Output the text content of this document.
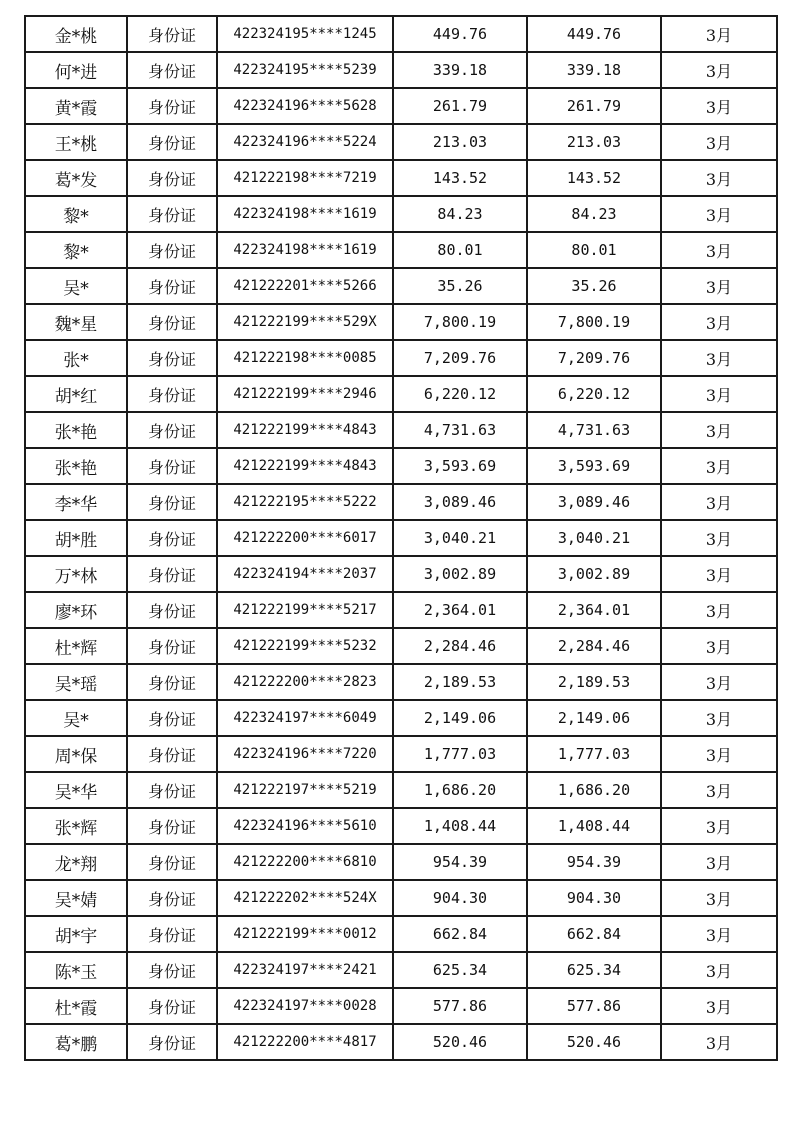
金*桃	身份证	422324195****1245	449.76	449.76	3月
何*进	身份证	422324195****5239	339.18	339.18	3月
黄*霞	身份证	422324196****5628	261.79	261.79	3月
王*桃	身份证	422324196****5224	213.03	213.03	3月
葛*发	身份证	421222198****7219	143.52	143.52	3月
黎*	身份证	422324198****1619	84.23	84.23	3月
黎*	身份证	422324198****1619	80.01	80.01	3月
吴*	身份证	421222201****5266	35.26	35.26	3月
魏*星	身份证	421222199****529X	7,800.19	7,800.19	3月
张*	身份证	421222198****0085	7,209.76	7,209.76	3月
胡*红	身份证	421222199****2946	6,220.12	6,220.12	3月
张*艳	身份证	421222199****4843	4,731.63	4,731.63	3月
张*艳	身份证	421222199****4843	3,593.69	3,593.69	3月
李*华	身份证	421222195****5222	3,089.46	3,089.46	3月
胡*胜	身份证	421222200****6017	3,040.21	3,040.21	3月
万*林	身份证	422324194****2037	3,002.89	3,002.89	3月
廖*环	身份证	421222199****5217	2,364.01	2,364.01	3月
杜*辉	身份证	421222199****5232	2,284.46	2,284.46	3月
吴*瑶	身份证	421222200****2823	2,189.53	2,189.53	3月
吴*	身份证	422324197****6049	2,149.06	2,149.06	3月
周*保	身份证	422324196****7220	1,777.03	1,777.03	3月
吴*华	身份证	421222197****5219	1,686.20	1,686.20	3月
张*辉	身份证	422324196****5610	1,408.44	1,408.44	3月
龙*翔	身份证	421222200****6810	954.39	954.39	3月
吴*婧	身份证	421222202****524X	904.30	904.30	3月
胡*宇	身份证	421222199****0012	662.84	662.84	3月
陈*玉	身份证	422324197****2421	625.34	625.34	3月
杜*霞	身份证	422324197****0028	577.86	577.86	3月
葛*鹏	身份证	421222200****4817	520.46	520.46	3月
